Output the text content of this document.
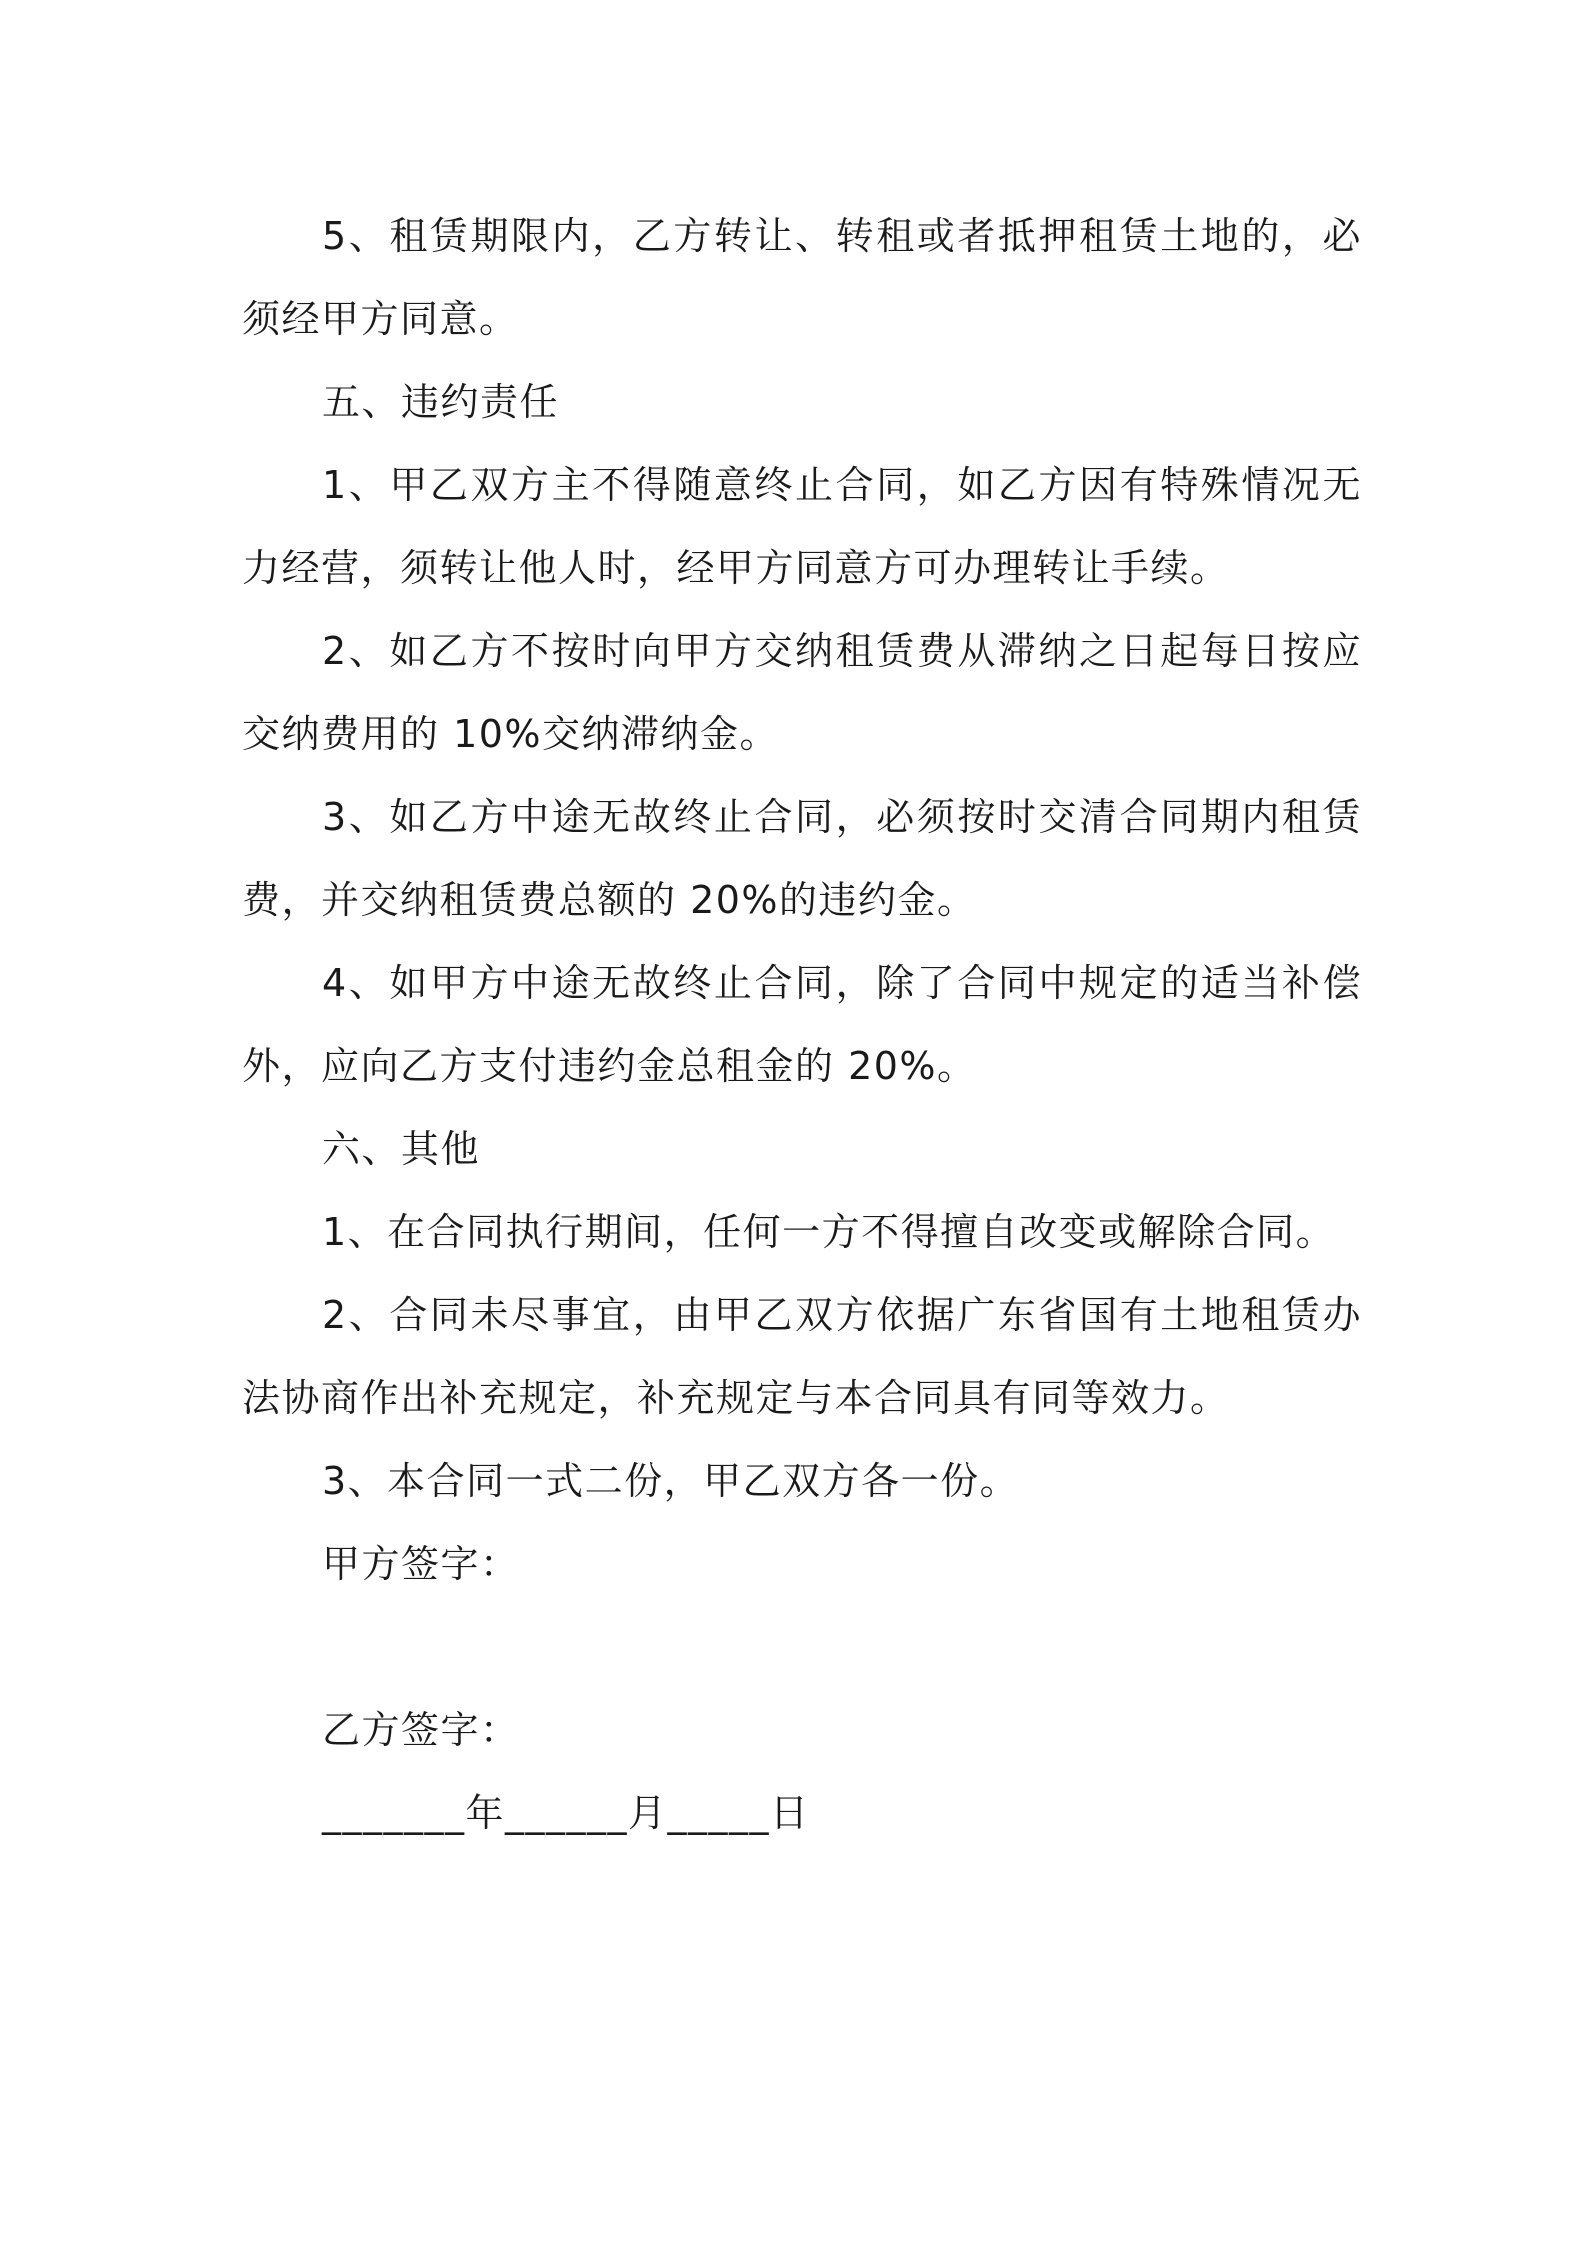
5、租赁期限内，乙方转让、转租或者抵押租赁土地的，必须经甲方同意。

五、违约责任

1、甲乙双方主不得随意终止合同，如乙方因有特殊情况无力经营，须转让他人时，经甲方同意方可办理转让手续。

2、如乙方不按时向甲方交纳租赁费从滞纳之日起每日按应交纳费用的 10%交纳滞纳金。

3、如乙方中途无故终止合同，必须按时交清合同期内租赁费，并交纳租赁费总额的 20%的违约金。

4、如甲方中途无故终止合同，除了合同中规定的适当补偿外，应向乙方支付违约金总租金的 20%。

六、其他

1、在合同执行期间，任何一方不得擅自改变或解除合同。

2、合同未尽事宜，由甲乙双方依据广东省国有土地租赁办法协商作出补充规定，补充规定与本合同具有同等效力。

3、本合同一式二份，甲乙双方各一份。

甲方签字：

乙方签字：

_______年______月_____日
